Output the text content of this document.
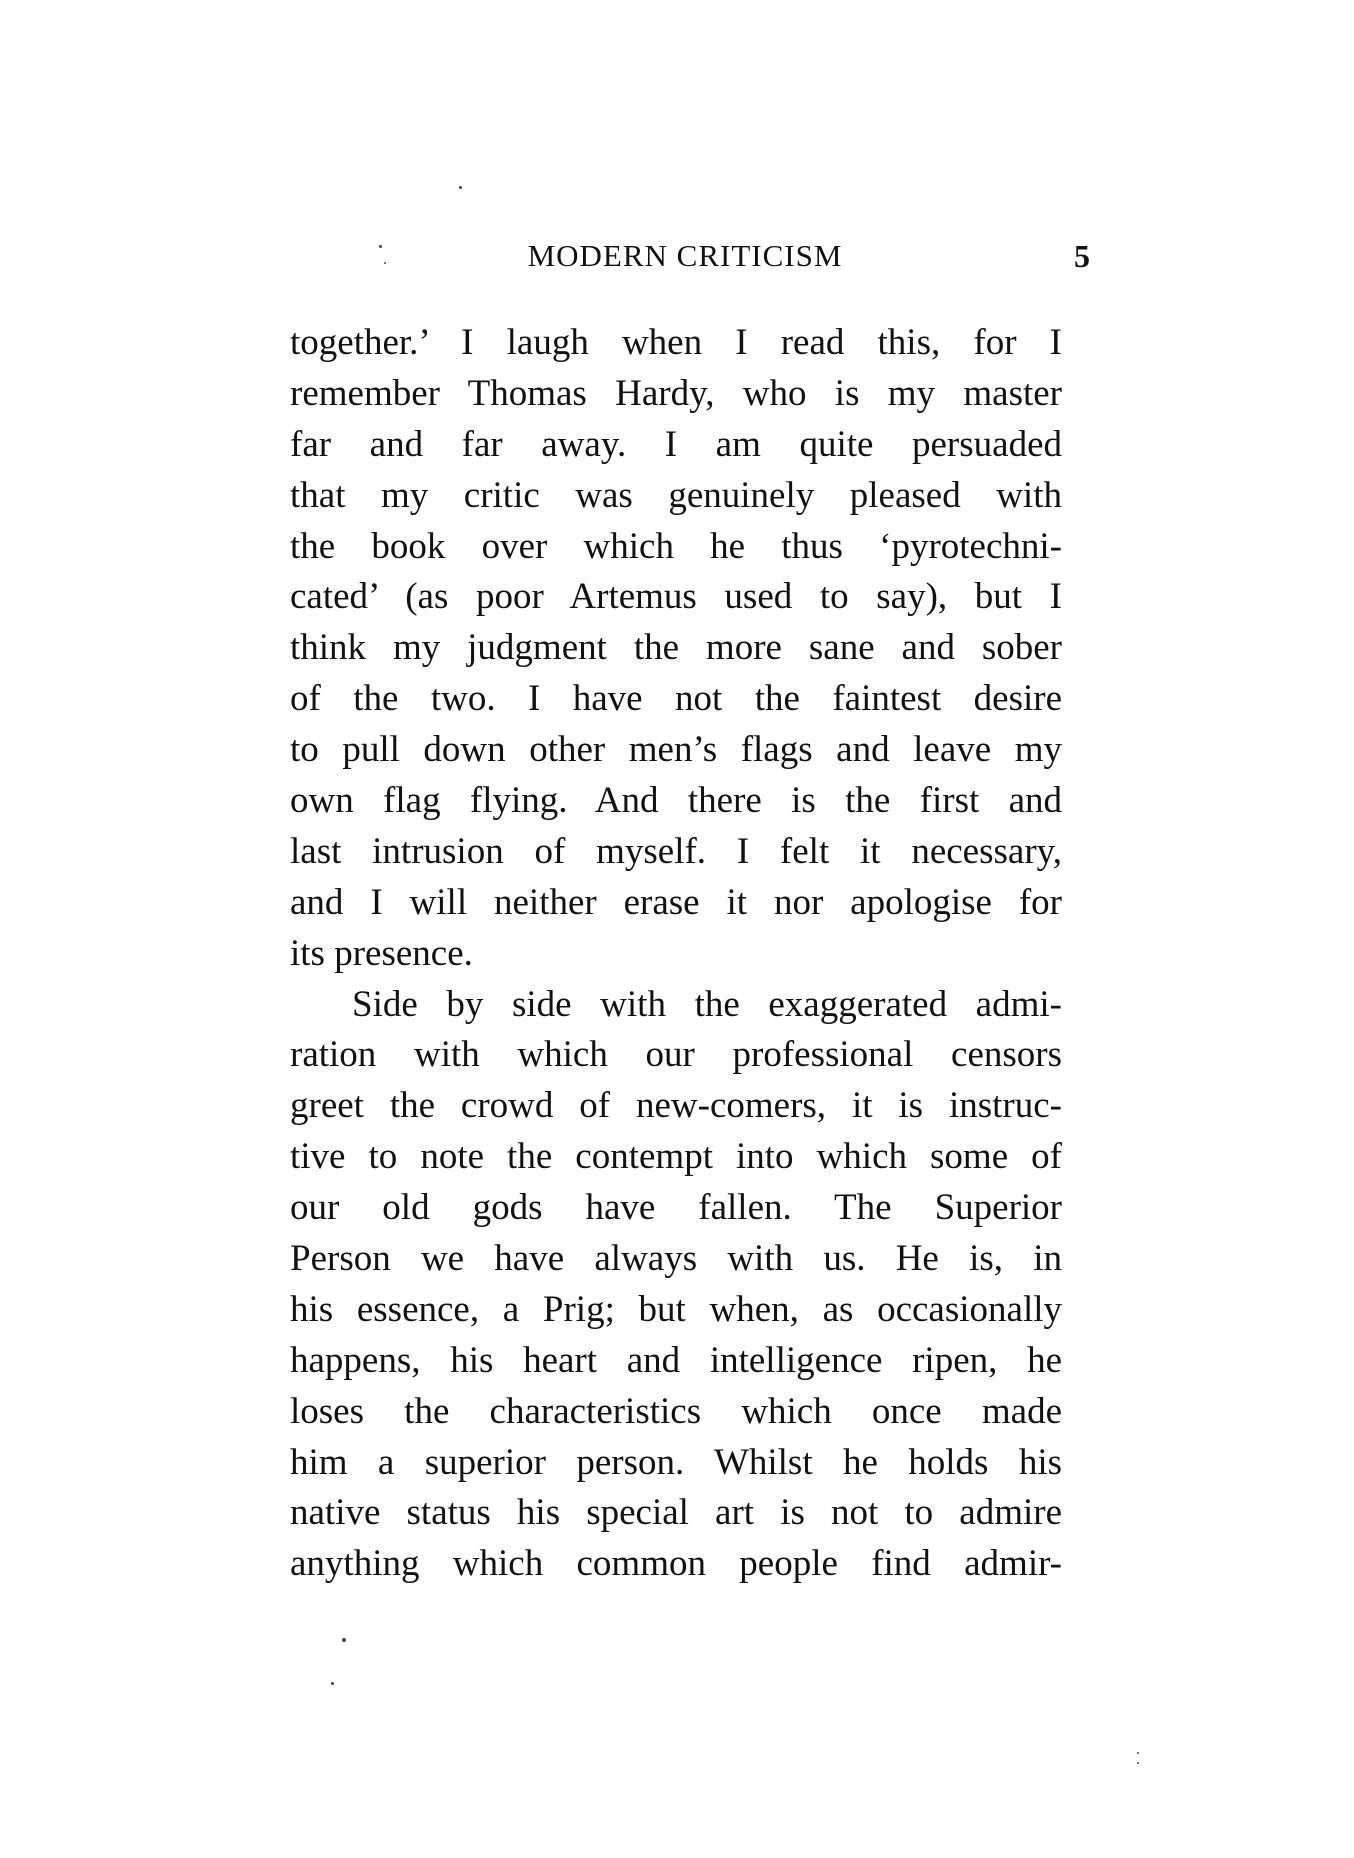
MODERN CRITICISM	5
together.’ I laugh when I read this, for I
remember Thomas Hardy, who is my master
far and far away. I am quite persuaded
that my critic was genuinely pleased with
the book over which he thus ‘pyrotechni-
cated’ (as poor Artemus used to say), but I
think my judgment the more sane and sober
of the two. I have not the faintest desire
to pull down other men’s flags and leave my
own flag flying. And there is the first and
last intrusion of myself. I felt it necessary,
and I will neither erase it nor apologise for
its presence.
Side by side with the exaggerated admi-
ration with which our professional censors
greet the crowd of new-comers, it is instruc-
tive to note the contempt into which some of
our old gods have fallen. The Superior
Person we have always with us. He is, in
his essence, a Prig; but when, as occasionally
happens, his heart and intelligence ripen, he
loses the characteristics which once made
him a superior person. Whilst he holds his
native status his special art is not to admire
anything which common people find admir-
